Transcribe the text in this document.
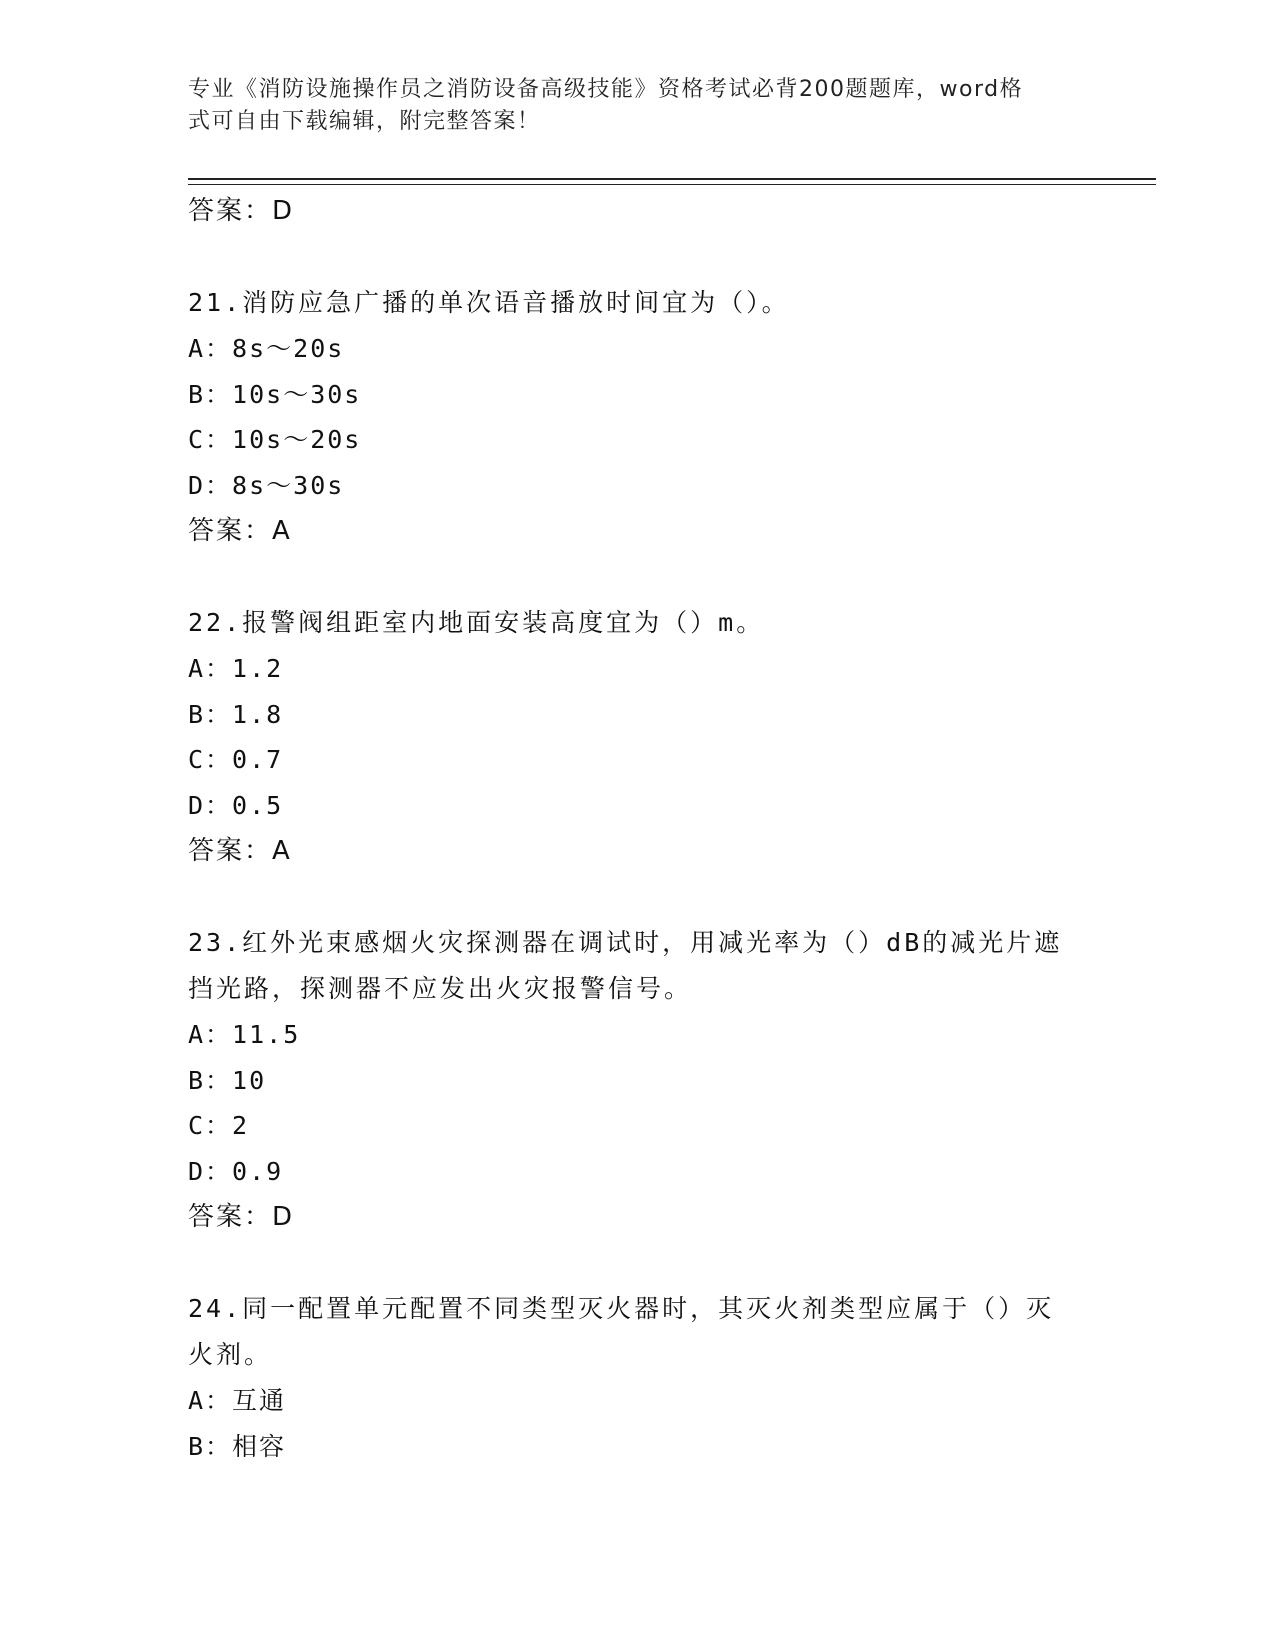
专业《消防设施操作员之消防设备高级技能》资格考试必背200题题库，word格
式可自由下载编辑，附完整答案！
答案：D
21.消防应急广播的单次语音播放时间宜为（）。
A：8s～20s
B：10s～30s
C：10s～20s
D：8s～30s
答案：A
22.报警阀组距室内地面安装高度宜为（）m。
A：1.2
B：1.8
C：0.7
D：0.5
答案：A
23.红外光束感烟火灾探测器在调试时，用减光率为（）dB的减光片遮
挡光路，探测器不应发出火灾报警信号。
A：11.5
B：10
C：2
D：0.9
答案：D
24.同一配置单元配置不同类型灭火器时，其灭火剂类型应属于（）灭
火剂。
A：互通
B：相容
